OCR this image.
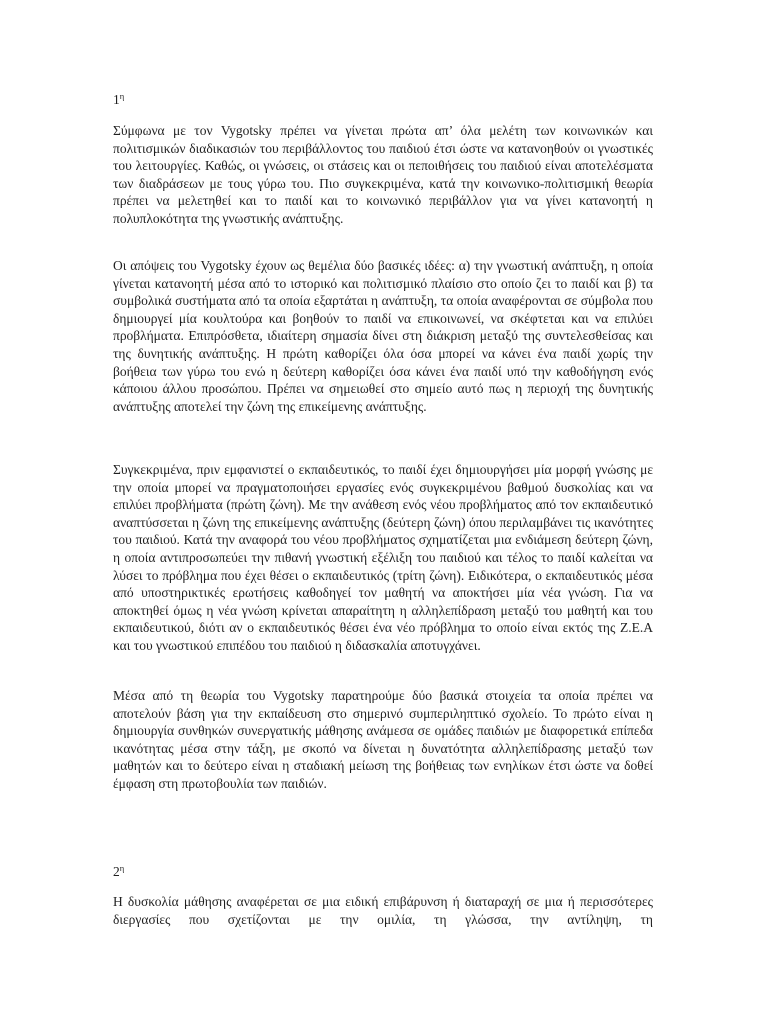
$1^\eta$

Σύμφωνα με τον Vygotsky πρέπει να γίνεται πρώτα απ’ όλα μελέτη των κοινωνικών και πολιτισμικών διαδικασιών του περιβάλλοντος του παιδιού έτσι ώστε να κατανοηθούν οι γνωστικές του λειτουργίες. Καθώς, οι γνώσεις, οι στάσεις και οι πεποιθήσεις του παιδιού είναι αποτελέσματα των διαδράσεων με τους γύρω του. Πιο συγκεκριμένα, κατά την κοινωνικο-πολιτισμική θεωρία πρέπει να μελετηθεί και το παιδί και το κοινωνικό περιβάλλον για να γίνει κατανοητή η πολυπλοκότητα της γνωστικής ανάπτυξης.

Οι απόψεις του Vygotsky έχουν ως θεμέλια δύο βασικές ιδέες: α) την γνωστική ανάπτυξη, η οποία γίνεται κατανοητή μέσα από το ιστορικό και πολιτισμικό πλαίσιο στο οποίο ζει το παιδί και β) τα συμβολικά συστήματα από τα οποία εξαρτάται η ανάπτυξη, τα οποία αναφέρονται σε σύμβολα που δημιουργεί μία κουλτούρα και βοηθούν το παιδί να επικοινωνεί, να σκέφτεται και να επιλύει προβλήματα. Επιπρόσθετα, ιδιαίτερη σημασία δίνει στη διάκριση μεταξύ της συντελεσθείσας και της δυνητικής ανάπτυξης. Η πρώτη καθορίζει όλα όσα μπορεί να κάνει ένα παιδί χωρίς την βοήθεια των γύρω του ενώ η δεύτερη καθορίζει όσα κάνει ένα παιδί υπό την καθοδήγηση ενός κάποιου άλλου προσώπου. Πρέπει να σημειωθεί στο σημείο αυτό πως η περιοχή της δυνητικής ανάπτυξης αποτελεί την ζώνη της επικείμενης ανάπτυξης.

Συγκεκριμένα, πριν εμφανιστεί ο εκπαιδευτικός, το παιδί έχει δημιουργήσει μία μορφή γνώσης με την οποία μπορεί να πραγματοποιήσει εργασίες ενός συγκεκριμένου βαθμού δυσκολίας και να επιλύει προβλήματα (πρώτη ζώνη). Με την ανάθεση ενός νέου προβλήματος από τον εκπαιδευτικό αναπτύσσεται η ζώνη της επικείμενης ανάπτυξης (δεύτερη ζώνη) όπου περιλαμβάνει τις ικανότητες του παιδιού. Κατά την αναφορά του νέου προβλήματος σχηματίζεται μια ενδιάμεση δεύτερη ζώνη, η οποία αντιπροσωπεύει την πιθανή γνωστική εξέλιξη του παιδιού και τέλος το παιδί καλείται να λύσει το πρόβλημα που έχει θέσει ο εκπαιδευτικός (τρίτη ζώνη). Ειδικότερα, ο εκπαιδευτικός μέσα από υποστηρικτικές ερωτήσεις καθοδηγεί τον μαθητή να αποκτήσει μία νέα γνώση. Για να αποκτηθεί όμως η νέα γνώση κρίνεται απαραίτητη η αλληλεπίδραση μεταξύ του μαθητή και του εκπαιδευτικού, διότι αν ο εκπαιδευτικός θέσει ένα νέο πρόβλημα το οποίο είναι εκτός της Ζ.Ε.Α και του γνωστικού επιπέδου του παιδιού η διδασκαλία αποτυγχάνει.

Μέσα από τη θεωρία του Vygotsky παρατηρούμε δύο βασικά στοιχεία τα οποία πρέπει να αποτελούν βάση για την εκπαίδευση στο σημερινό συμπεριληπτικό σχολείο. Το πρώτο είναι η δημιουργία συνθηκών συνεργατικής μάθησης ανάμεσα σε ομάδες παιδιών με διαφορετικά επίπεδα ικανότητας μέσα στην τάξη, με σκοπό να δίνεται η δυνατότητα αλληλεπίδρασης μεταξύ των μαθητών και το δεύτερο είναι η σταδιακή μείωση της βοήθειας των ενηλίκων έτσι ώστε να δοθεί έμφαση στη πρωτοβουλία των παιδιών.

$2^\eta$

Η δυσκολία μάθησης αναφέρεται σε μια ειδική επιβάρυνση ή διαταραχή σε μια ή περισσότερες διεργασίες που σχετίζονται με την ομιλία, τη γλώσσα, την αντίληψη, τη
